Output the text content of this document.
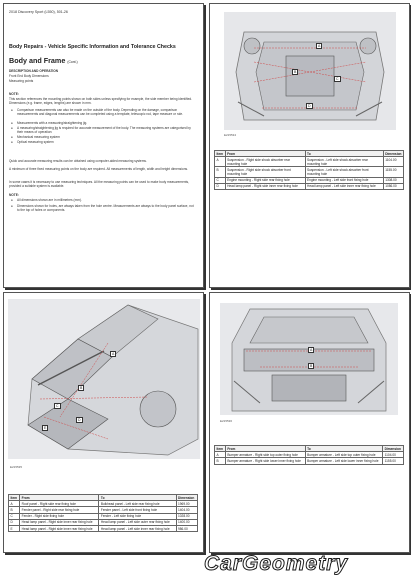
2018 Discovery Sport (L550), 501-26
Body Repairs - Vehicle Specific Information and Tolerance Checks
Body and Frame (Cont.)
DESCRIPTION AND OPERATION
Front End Body Dimensions
Measuring points
NOTE:
This section references the mounting points shown on both sides unless specifying for example, the side member being identified. Dimensions (e.g. frame, edges, lengths) are shown in mm.
● Comparison measurements can also be made on the outside of the body. Depending on the damage, comparison measurements and diagonal measurements can be completed using a template, telescopic rod, tape measure or rule.
● Measurements with a measuring/straightening jig.
● A measuring/straightening jig is required for accurate measurement of the body. The measuring systems are categorised by their means of operation:
● Mechanical measuring system
● Optical measuring system
Quick and accurate measuring results can be obtained using computer-aided measuring systems.
A minimum of three fixed measuring points on the body are required. All measurements of length, width and height dimensions.
In some cases it is necessary to use measuring techniques. All the measuring points can be used to make body measurements, provided a suitable system is available.
NOTE:
● All dimensions shown are in millimetres (mm).
● Dimensions shown for holes, are always taken from the hole centre. Measurements are always to the body panel surface, not to the top of holes or components.
A
B
C
D
E215534
Item	From	To	Dimension
A	Suspension - Right side shock absorber rear mounting hole	Suspension - Left side shock absorber rear mounting hole	1104.00
B	Suspension - Right side shock absorber front mounting hole	Suspension - Left side shock absorber front mounting hole	1155.00
C	Engine mounting - Right side rear fixing hole	Engine mounting - Left side front fixing hole	1308.00
D	Head lamp panel - Right side inner rear fixing hole	Head lamp panel - Left side inner rear fixing hole	1086.00
A
B
C
D
E
E215535
Item	From	To	Dimension
A	Roof panel - Right side rear fixing hole	Bulkhead panel - Left side rear fixing hole	1969.00
B	Fender panel - Right side rear fixing hole	Fender panel - Left side front fixing hole	1404.00
C	Fender - Right side fixing hole	Fender - Left side fixing hole	1028.00
D	Head lamp panel - Right side inner rear fixing hole	Head lamp panel - Left side outer rear fixing hole	1400.00
E	Head lamp panel - Right side inner rear fixing hole	Head lamp panel - Left side inner rear fixing hole	986.00
A
B
E215536
Item	From	To	Dimension
A	Bumper armature - Right side top outer fixing hole	Bumper armature - Left side top outer fixing hole	1104.00
B	Bumper armature - Right side lower inner fixing hole	Bumper armature - Left side lower inner fixing hole	1155.00
CarGeometry
